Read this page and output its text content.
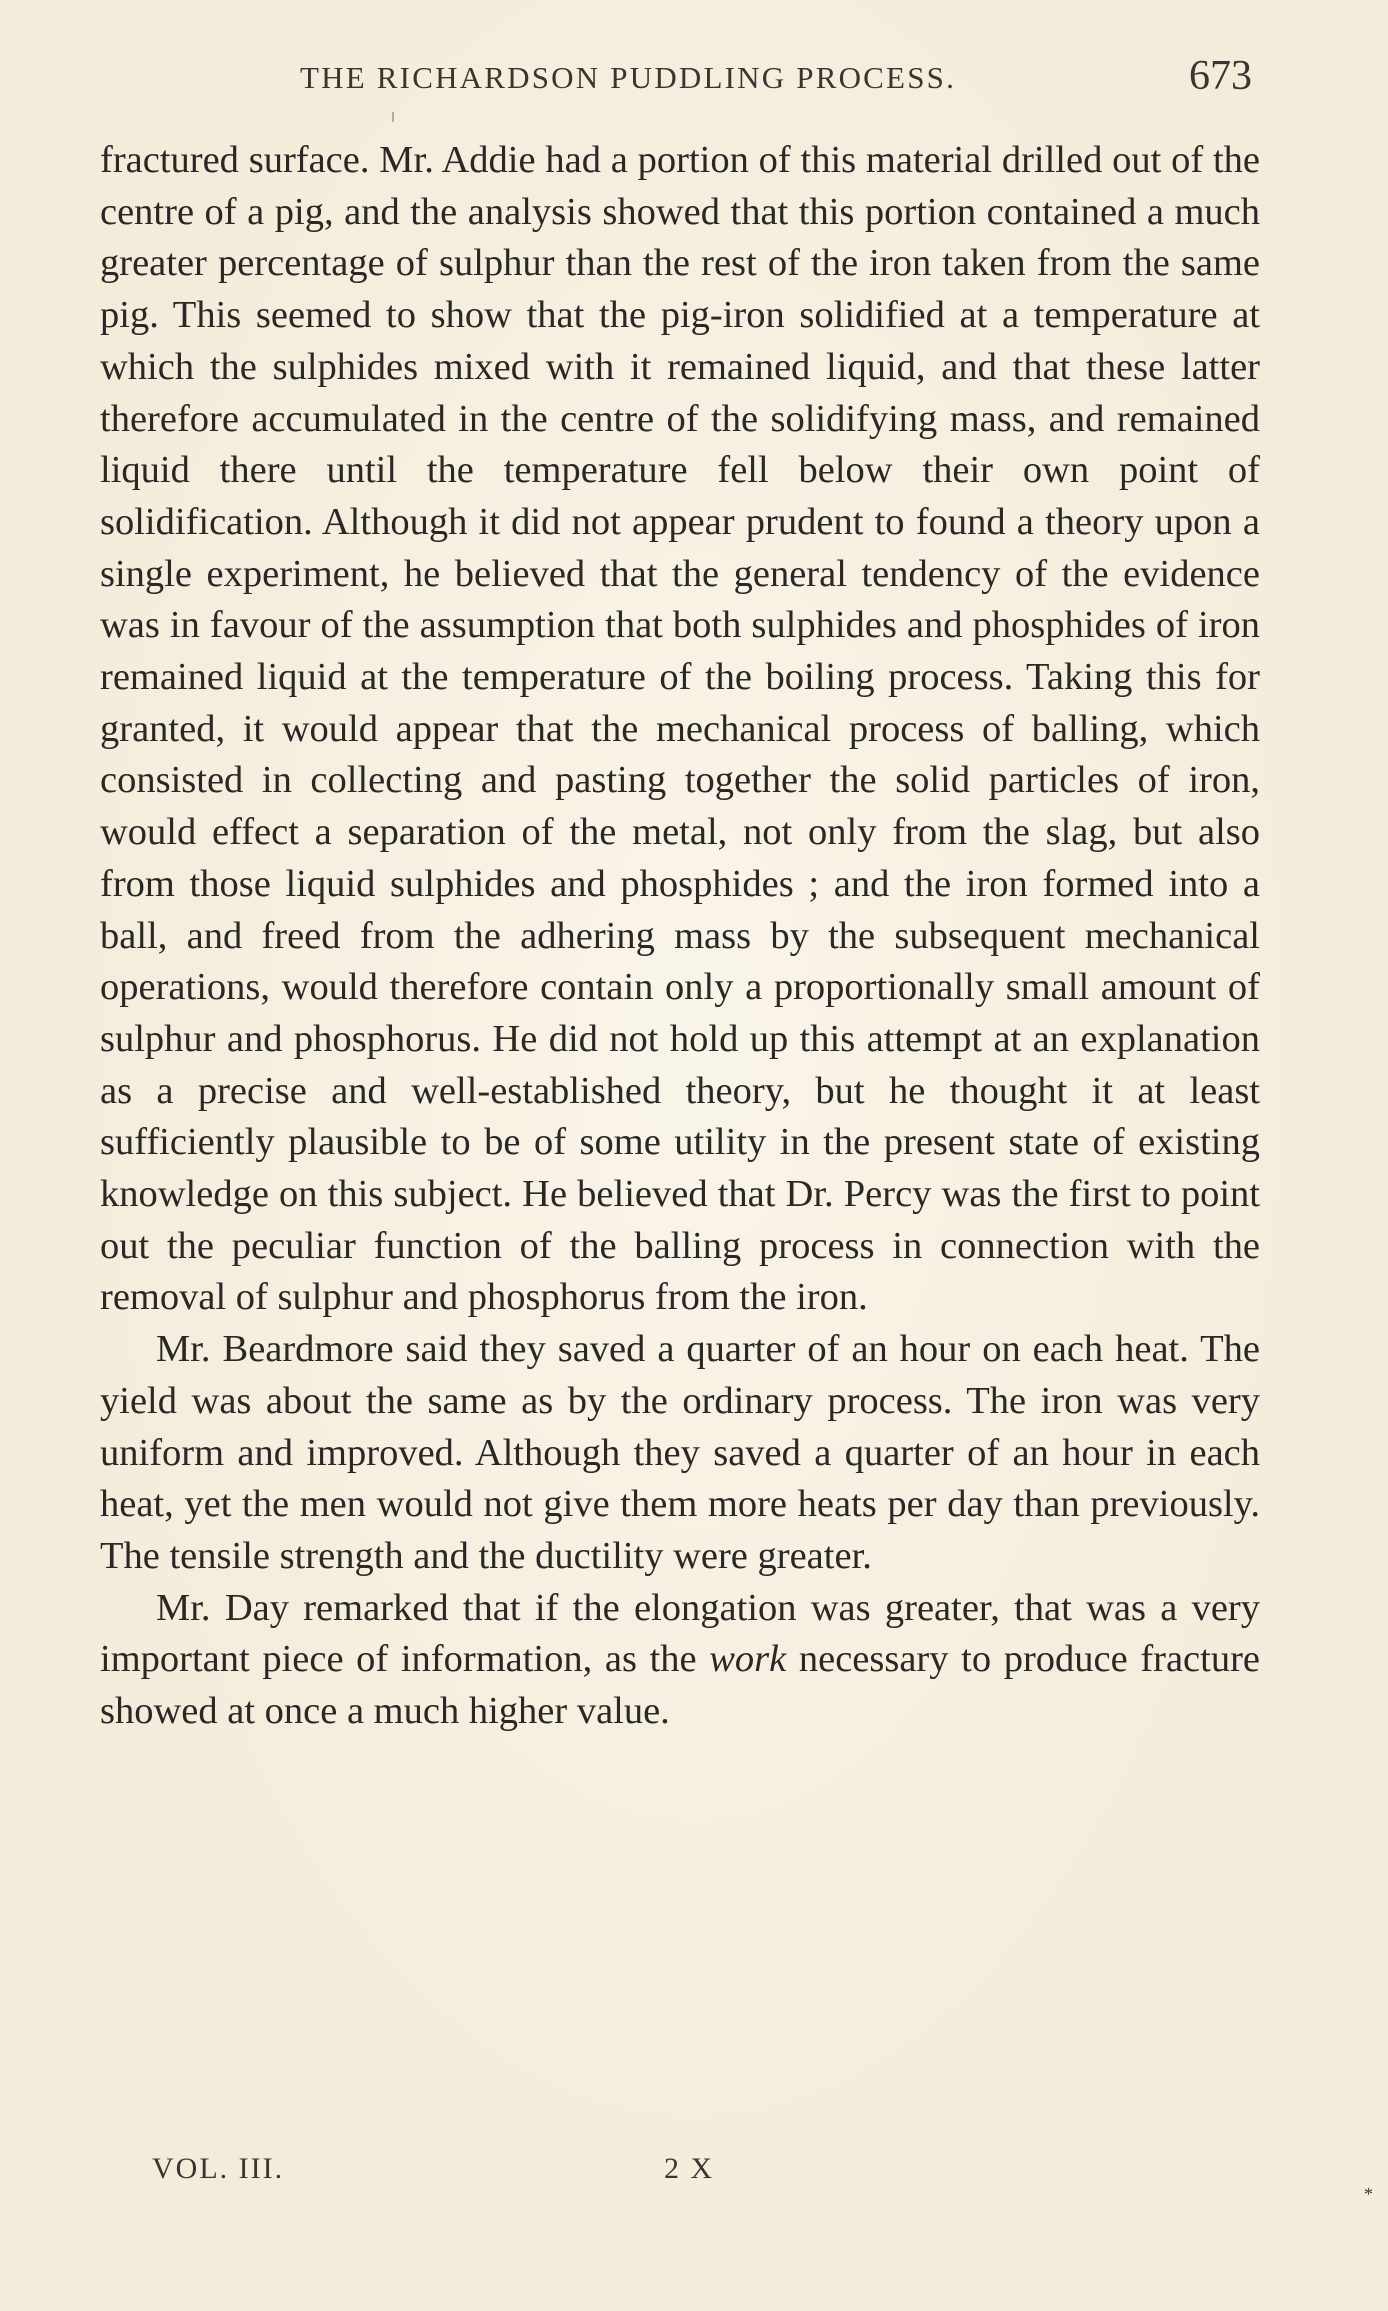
THE RICHARDSON PUDDLING PROCESS.	673

fractured surface. Mr. Addie had a portion of this material drilled out of the centre of a pig, and the analysis showed that this portion contained a much greater percentage of sulphur than the rest of the iron taken from the same pig. This seemed to show that the pig-iron solidified at a temperature at which the sulphides mixed with it remained liquid, and that these latter therefore accumulated in the centre of the solidifying mass, and remained liquid there until the temperature fell below their own point of solidification. Although it did not appear prudent to found a theory upon a single experiment, he believed that the general tendency of the evidence was in favour of the assumption that both sulphides and phosphides of iron remained liquid at the temperature of the boiling process. Taking this for granted, it would appear that the mechanical process of balling, which consisted in collecting and pasting together the solid particles of iron, would effect a separation of the metal, not only from the slag, but also from those liquid sulphides and phosphides ; and the iron formed into a ball, and freed from the adhering mass by the subsequent mechanical operations, would therefore contain only a proportionally small amount of sulphur and phosphorus. He did not hold up this attempt at an explanation as a precise and well-established theory, but he thought it at least sufficiently plausible to be of some utility in the present state of existing knowledge on this subject. He believed that Dr. Percy was the first to point out the peculiar function of the balling process in connection with the removal of sulphur and phosphorus from the iron.

Mr. Beardmore said they saved a quarter of an hour on each heat. The yield was about the same as by the ordinary process. The iron was very uniform and improved. Although they saved a quarter of an hour in each heat, yet the men would not give them more heats per day than previously. The tensile strength and the ductility were greater.

Mr. Day remarked that if the elongation was greater, that was a very important piece of information, as the work necessary to produce fracture showed at once a much higher value.

VOL. III.	2 X
*
